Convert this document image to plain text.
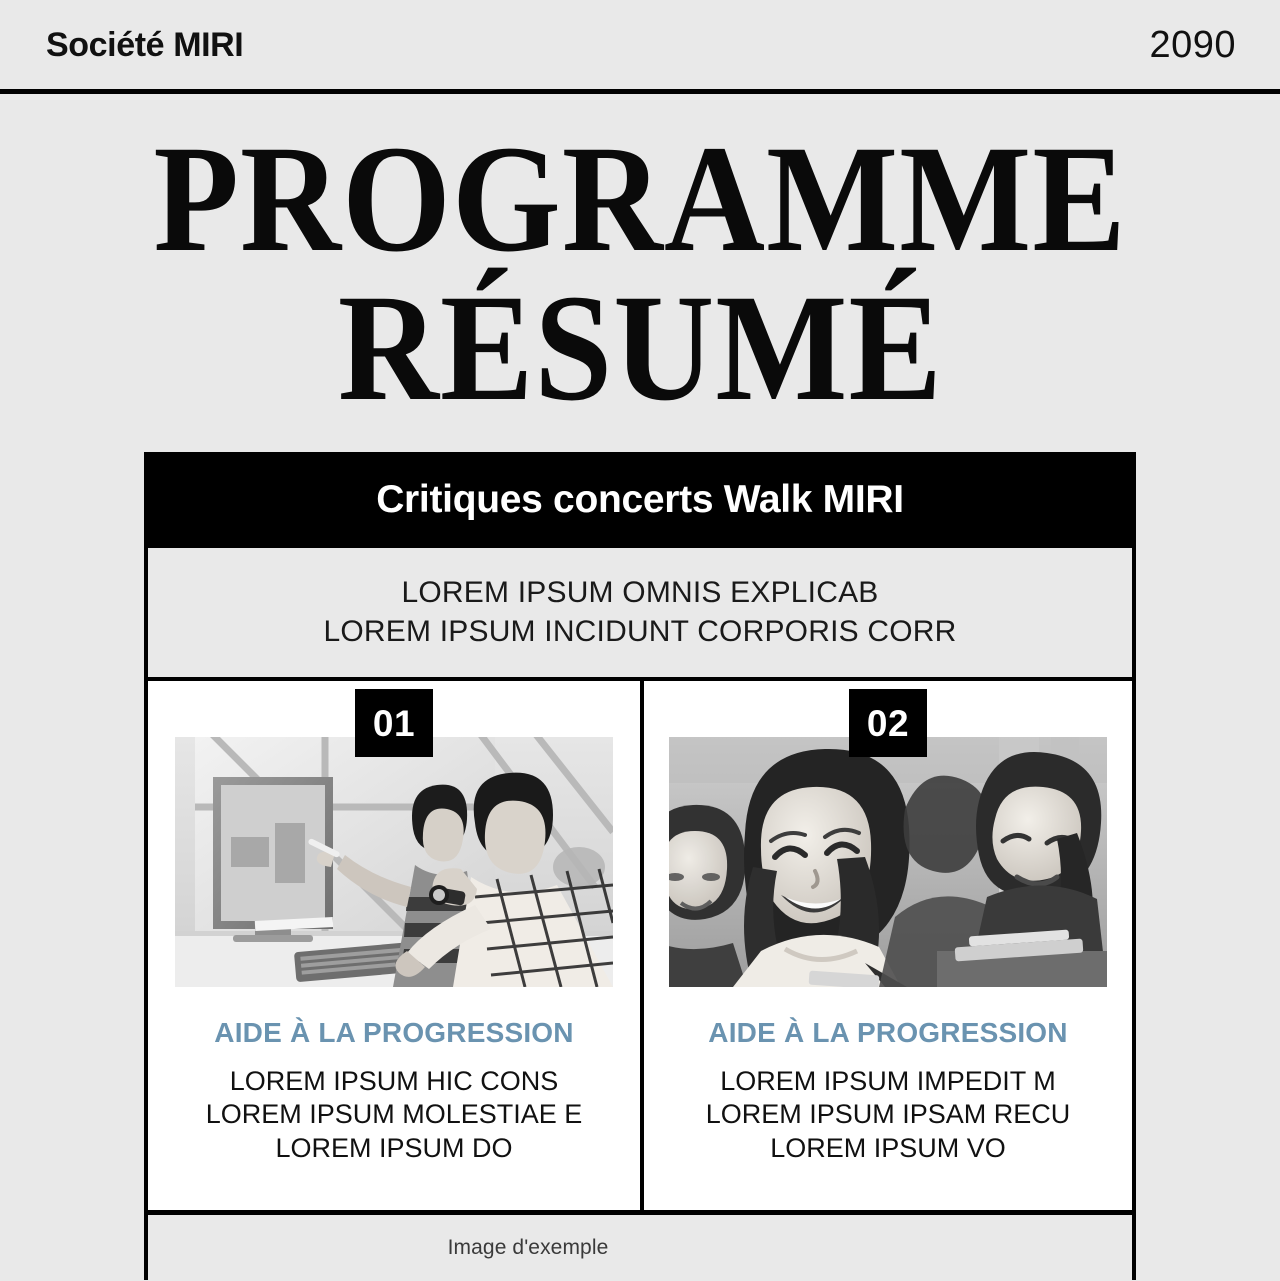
Société MIRI	2090
PROGRAMME
RÉSUMÉ
Critiques concerts Walk MIRI
LOREM IPSUM OMNIS EXPLICAB
LOREM IPSUM INCIDUNT CORPORIS CORR
01
AIDE À LA PROGRESSION
LOREM IPSUM HIC CONS
LOREM IPSUM MOLESTIAE E
LOREM IPSUM DO
02
AIDE À LA PROGRESSION
LOREM IPSUM IMPEDIT M
LOREM IPSUM IPSAM RECU
LOREM IPSUM VO
Image d'exemple
